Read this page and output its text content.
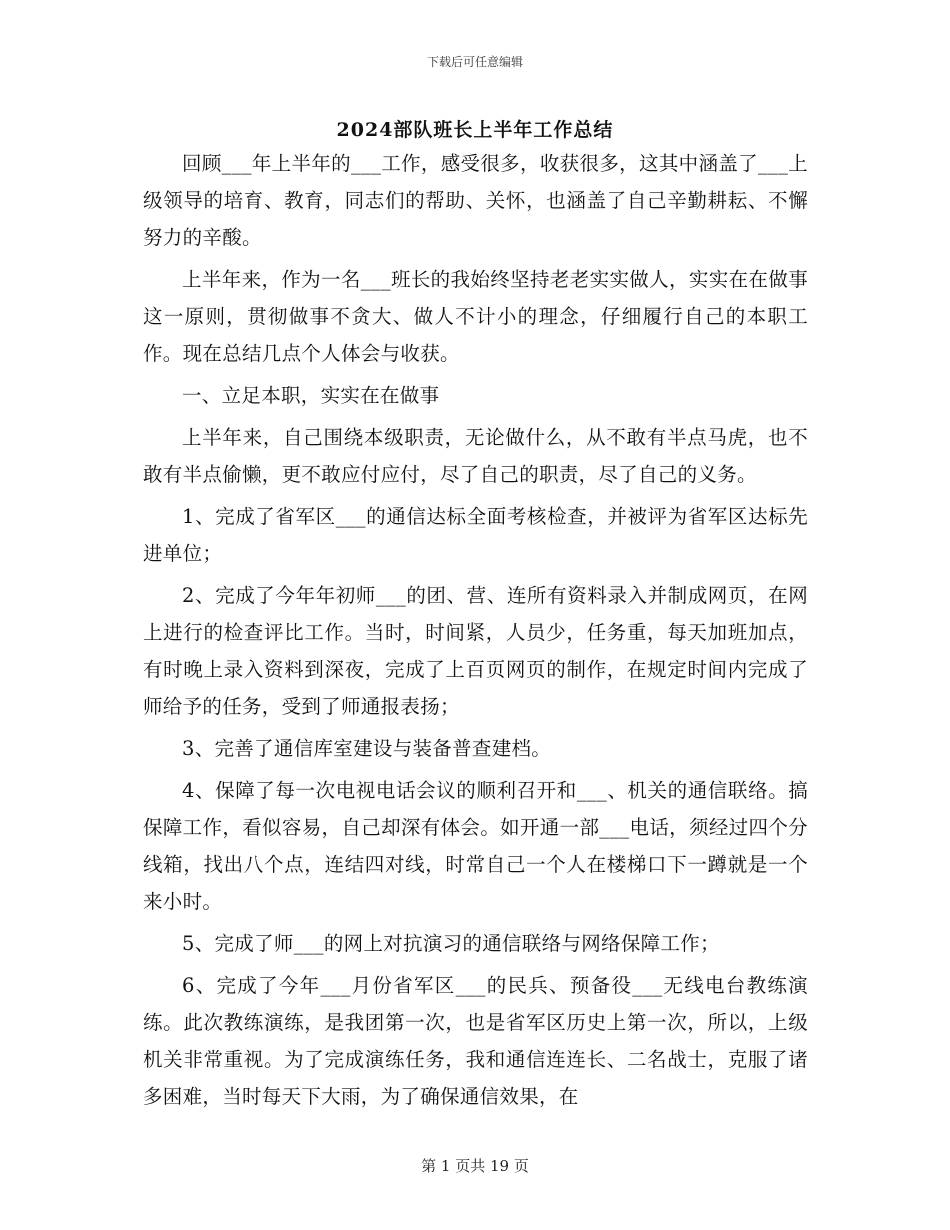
下载后可任意编辑
2024部队班长上半年工作总结

回顾___年上半年的___工作，感受很多，收获很多，这其中涵盖了___上级领导的培育、教育，同志们的帮助、关怀，也涵盖了自己辛勤耕耘、不懈努力的辛酸。

上半年来，作为一名___班长的我始终坚持老老实实做人，实实在在做事这一原则，贯彻做事不贪大、做人不计小的理念，仔细履行自己的本职工作。现在总结几点个人体会与收获。

一、立足本职，实实在在做事

上半年来，自己围绕本级职责，无论做什么，从不敢有半点马虎，也不敢有半点偷懒，更不敢应付应付，尽了自己的职责，尽了自己的义务。

1、完成了省军区___的通信达标全面考核检查，并被评为省军区达标先进单位；

2、完成了今年年初师___的团、营、连所有资料录入并制成网页，在网上进行的检查评比工作。当时，时间紧，人员少，任务重，每天加班加点，有时晚上录入资料到深夜，完成了上百页网页的制作，在规定时间内完成了师给予的任务，受到了师通报表扬；

3、完善了通信库室建设与装备普查建档。

4、保障了每一次电视电话会议的顺利召开和___、机关的通信联络。搞保障工作，看似容易，自己却深有体会。如开通一部___电话，须经过四个分线箱，找出八个点，连结四对线，时常自己一个人在楼梯口下一蹲就是一个来小时。

5、完成了师___的网上对抗演习的通信联络与网络保障工作；

6、完成了今年___月份省军区___的民兵、预备役___无线电台教练演练。此次教练演练，是我团第一次，也是省军区历史上第一次，所以，上级机关非常重视。为了完成演练任务，我和通信连连长、二名战士，克服了诸多困难，当时每天下大雨，为了确保通信效果，在

第 1 页共 19 页
